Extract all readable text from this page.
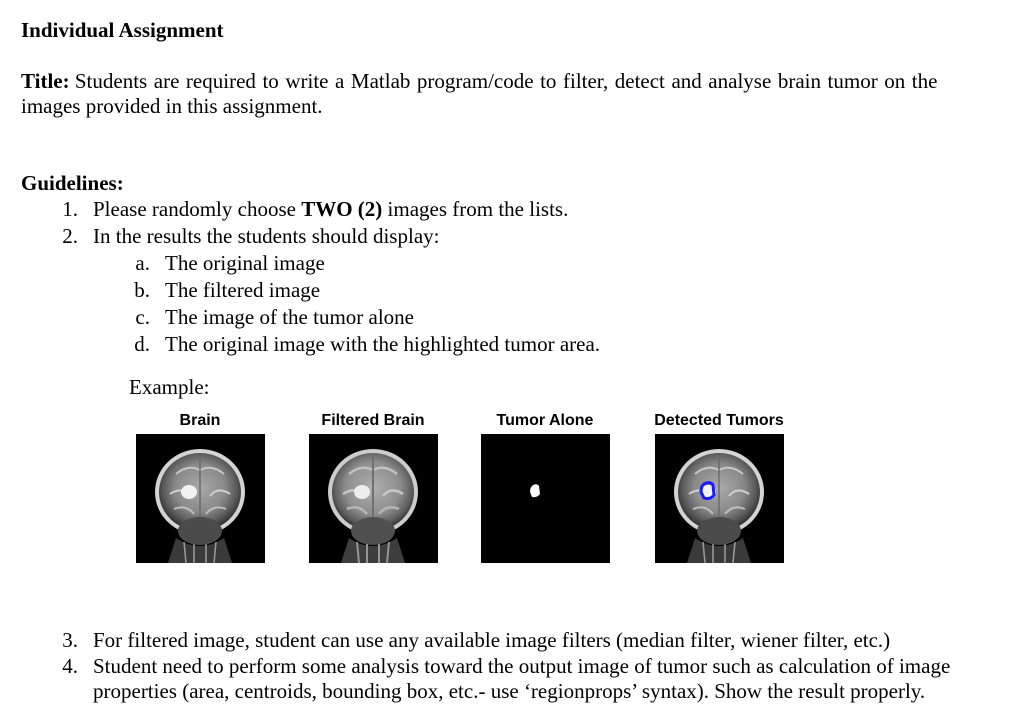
Individual Assignment
Title: Students are required to write a Matlab program/code to filter, detect and analyse brain tumor on the
images provided in this assignment.
Guidelines:
1. Please randomly choose TWO (2) images from the lists.
2. In the results the students should display:
a. The original image
b. The filtered image
c. The image of the tumor alone
d. The original image with the highlighted tumor area.
Example:
Brain	Filtered Brain	Tumor Alone	Detected Tumors
3. For filtered image, student can use any available image filters (median filter, wiener filter, etc.)
4. Student need to perform some analysis toward the output image of tumor such as calculation of image
properties (area, centroids, bounding box, etc.- use ‘regionprops’ syntax). Show the result properly.
